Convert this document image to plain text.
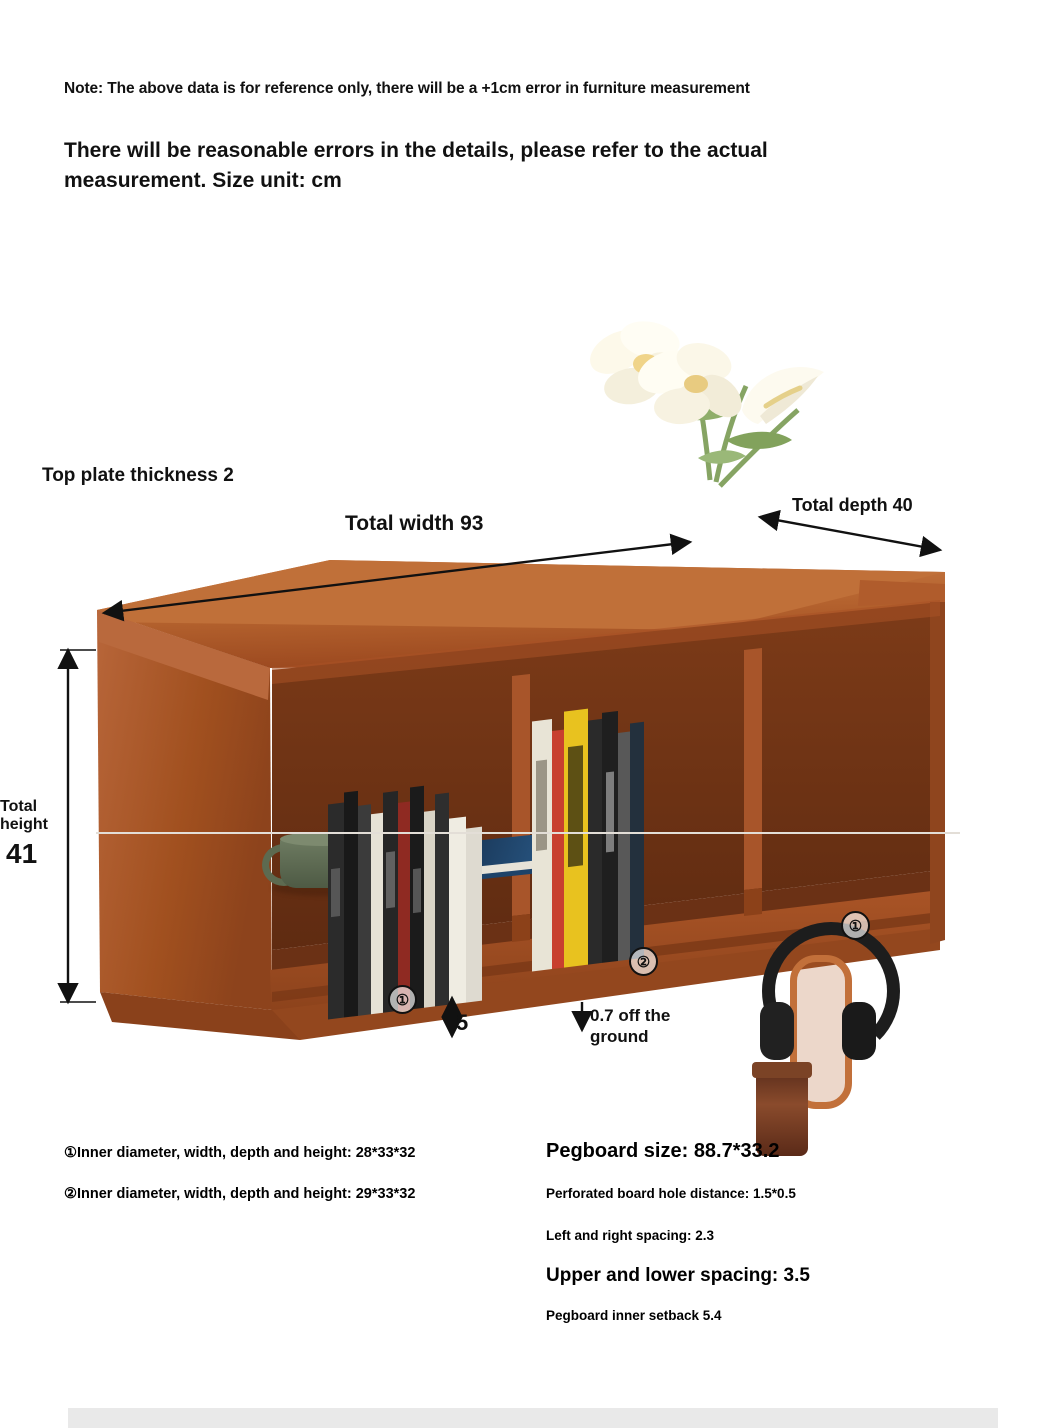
Note: The above data is for reference only, there will be a +1cm error in furniture measurement
There will be reasonable errors in the details, please refer to the actual measurement. Size unit: cm
①
②
①
Top plate thickness 2
Total width 93
Total depth 40
Total
height
41
5	0.7 off the
ground
①Inner diameter, width, depth and height: 28*33*32
②Inner diameter, width, depth and height: 29*33*32
Pegboard size: 88.7*33.2
Perforated board hole distance: 1.5*0.5
Left and right spacing: 2.3
Upper and lower spacing: 3.5
Pegboard inner setback 5.4
